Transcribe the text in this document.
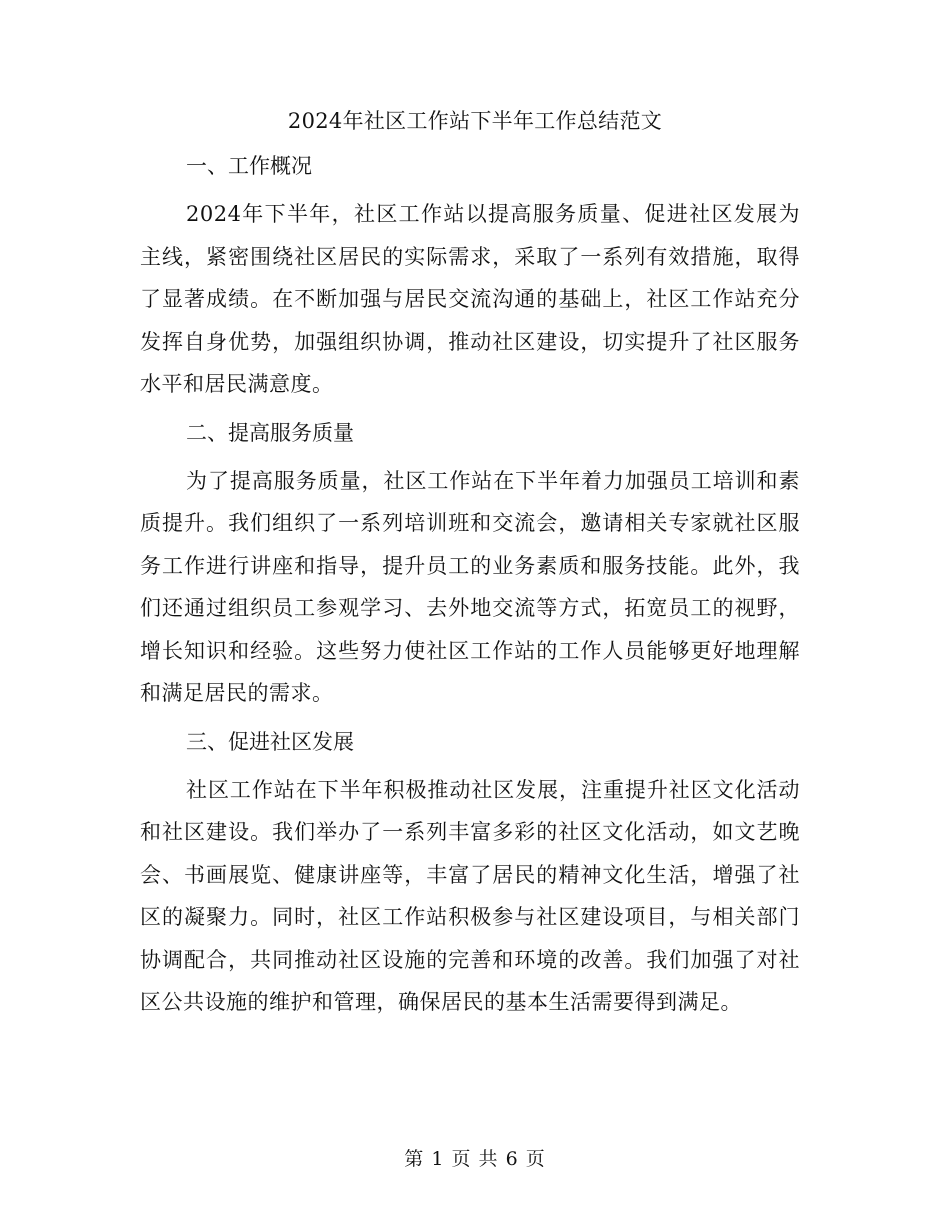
2024年社区工作站下半年工作总结范文

一、工作概况

2024年下半年，社区工作站以提高服务质量、促进社区发展为主线，紧密围绕社区居民的实际需求，采取了一系列有效措施，取得了显著成绩。在不断加强与居民交流沟通的基础上，社区工作站充分发挥自身优势，加强组织协调，推动社区建设，切实提升了社区服务水平和居民满意度。

二、提高服务质量

为了提高服务质量，社区工作站在下半年着力加强员工培训和素质提升。我们组织了一系列培训班和交流会，邀请相关专家就社区服务工作进行讲座和指导，提升员工的业务素质和服务技能。此外，我们还通过组织员工参观学习、去外地交流等方式，拓宽员工的视野，增长知识和经验。这些努力使社区工作站的工作人员能够更好地理解和满足居民的需求。

三、促进社区发展

社区工作站在下半年积极推动社区发展，注重提升社区文化活动和社区建设。我们举办了一系列丰富多彩的社区文化活动，如文艺晚会、书画展览、健康讲座等，丰富了居民的精神文化生活，增强了社区的凝聚力。同时，社区工作站积极参与社区建设项目，与相关部门协调配合，共同推动社区设施的完善和环境的改善。我们加强了对社区公共设施的维护和管理，确保居民的基本生活需要得到满足。

第 1 页 共 6 页
